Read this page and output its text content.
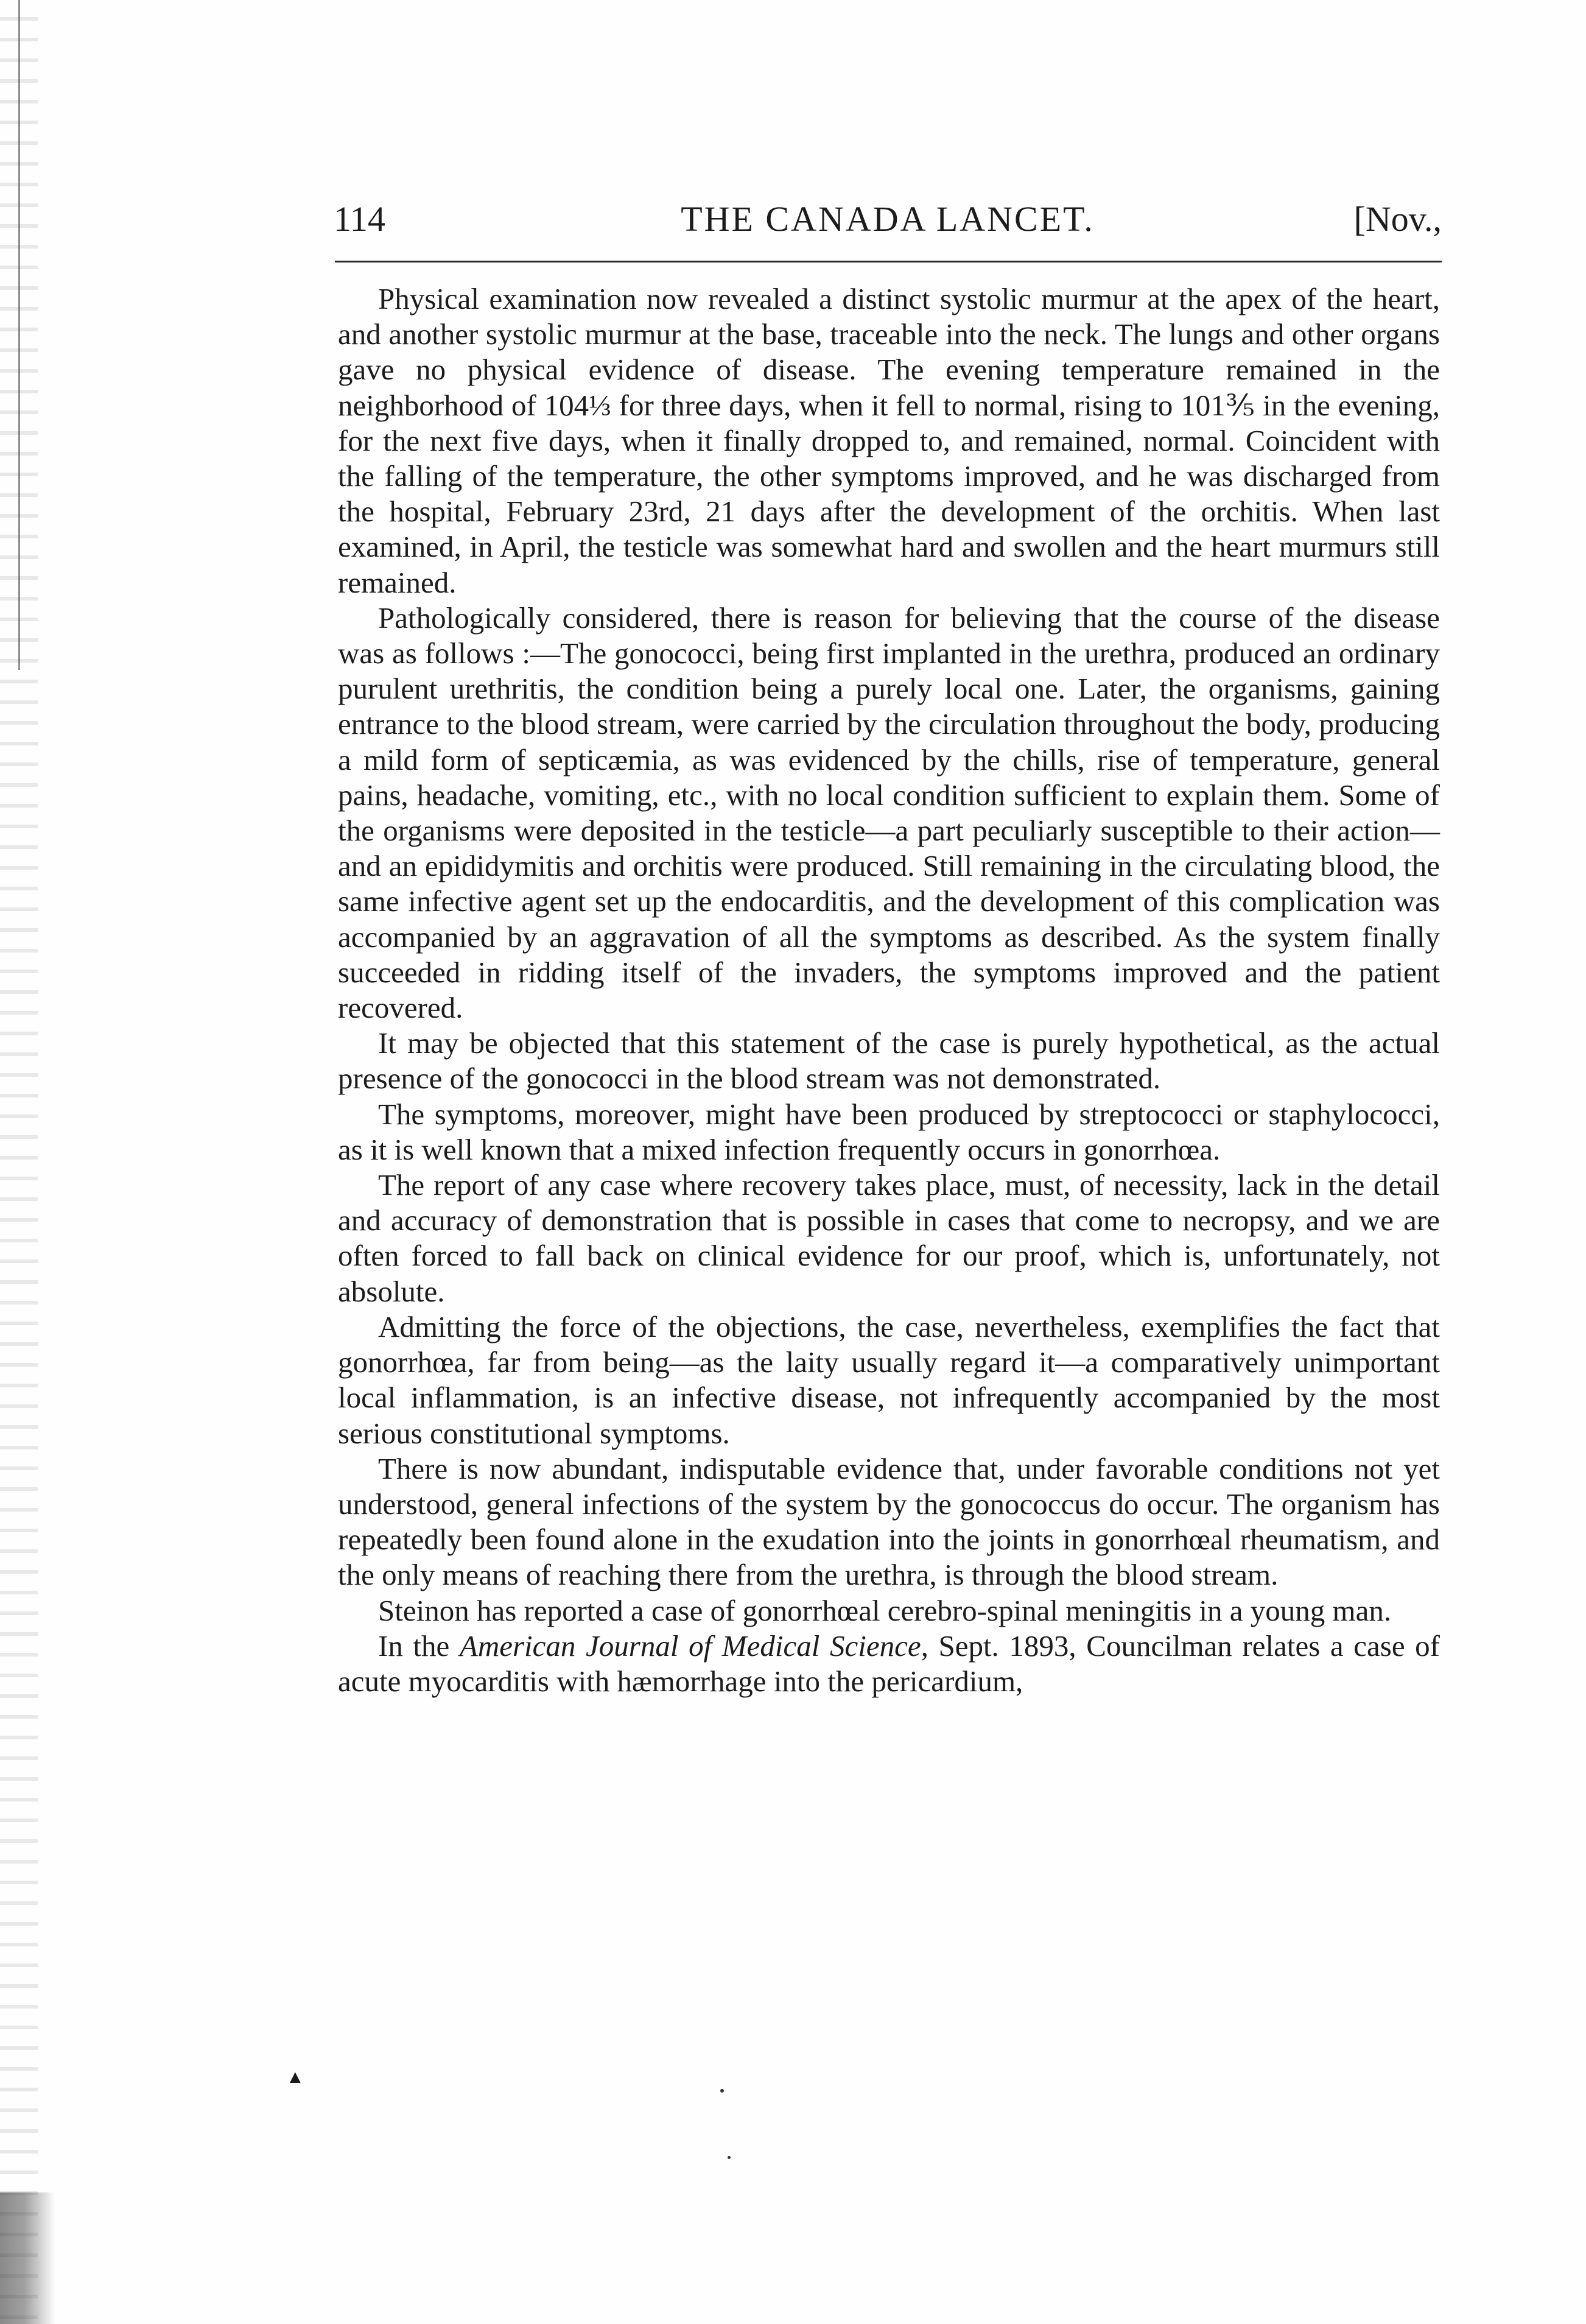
114	THE CANADA LANCET.	[Nov.,

Physical examination now revealed a distinct systolic murmur at the apex of the heart, and another systolic murmur at the base, traceable into the neck. The lungs and other organs gave no physical evidence of disease. The evening temperature remained in the neighborhood of 104⅓ for three days, when it fell to normal, rising to 101⅗ in the evening, for the next five days, when it finally dropped to, and remained, normal. Coincident with the falling of the temperature, the other symptoms improved, and he was discharged from the hospital, February 23rd, 21 days after the development of the orchitis. When last examined, in April, the testicle was somewhat hard and swollen and the heart murmurs still remained.

Pathologically considered, there is reason for believing that the course of the disease was as follows :—The gonococci, being first implanted in the urethra, produced an ordinary purulent urethritis, the condition being a purely local one. Later, the organisms, gaining entrance to the blood stream, were carried by the circulation throughout the body, producing a mild form of septicæmia, as was evidenced by the chills, rise of temperature, general pains, headache, vomiting, etc., with no local condition sufficient to explain them. Some of the organisms were deposited in the testicle—a part peculiarly susceptible to their action—and an epididymitis and orchitis were produced. Still remaining in the circulating blood, the same infective agent set up the endocarditis, and the development of this complication was accompanied by an aggravation of all the symptoms as described. As the system finally succeeded in ridding itself of the invaders, the symptoms improved and the patient recovered.

It may be objected that this statement of the case is purely hypothetical, as the actual presence of the gonococci in the blood stream was not demonstrated.

The symptoms, moreover, might have been produced by streptococci or staphylococci, as it is well known that a mixed infection frequently occurs in gonorrhœa.

The report of any case where recovery takes place, must, of necessity, lack in the detail and accuracy of demonstration that is possible in cases that come to necropsy, and we are often forced to fall back on clinical evidence for our proof, which is, unfortunately, not absolute.

Admitting the force of the objections, the case, nevertheless, exemplifies the fact that gonorrhœa, far from being—as the laity usually regard it—a comparatively unimportant local inflammation, is an infective disease, not infrequently accompanied by the most serious constitutional symptoms.

There is now abundant, indisputable evidence that, under favorable conditions not yet understood, general infections of the system by the gonococcus do occur. The organism has repeatedly been found alone in the exudation into the joints in gonorrhœal rheumatism, and the only means of reaching there from the urethra, is through the blood stream.

Steinon has reported a case of gonorrhœal cerebro-spinal meningitis in a young man.

In the American Journal of Medical Science, Sept. 1893, Councilman relates a case of acute myocarditis with hæmorrhage into the pericardium,

▲
